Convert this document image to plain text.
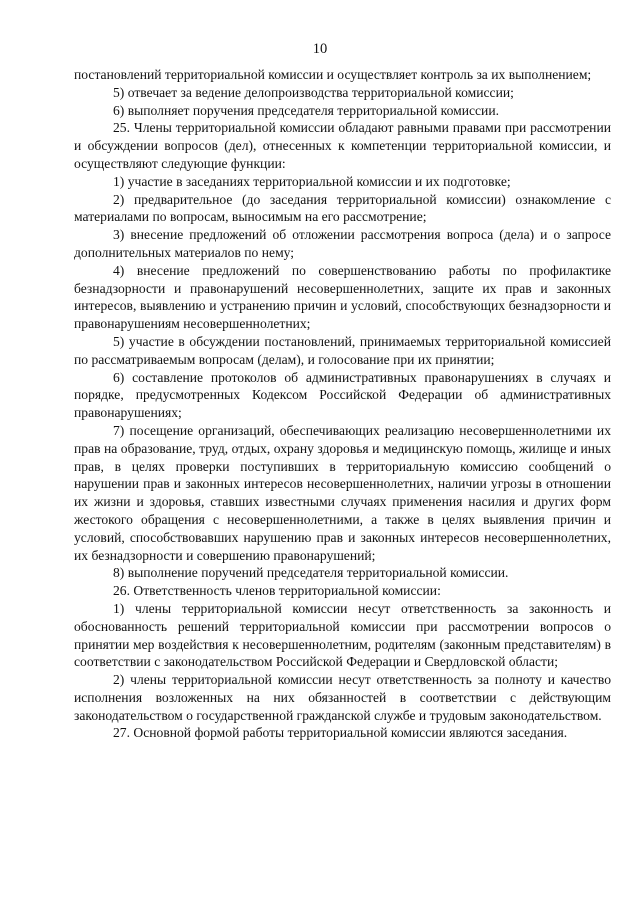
10

постановлений территориальной комиссии и осуществляет контроль за их выполнением;

5) отвечает за ведение делопроизводства территориальной комиссии;

6) выполняет поручения председателя территориальной комиссии.

25. Члены территориальной комиссии обладают равными правами при рассмотрении и обсуждении вопросов (дел), отнесенных к компетенции территориальной комиссии, и осуществляют следующие функции:

1) участие в заседаниях территориальной комиссии и их подготовке;

2) предварительное (до заседания территориальной комиссии) ознакомление с материалами по вопросам, выносимым на его рассмотрение;

3) внесение предложений об отложении рассмотрения вопроса (дела) и о запросе дополнительных материалов по нему;

4) внесение предложений по совершенствованию работы по профилактике безнадзорности и правонарушений несовершеннолетних, защите их прав и законных интересов, выявлению и устранению причин и условий, способствующих безнадзорности и правонарушениям несовершеннолетних;

5) участие в обсуждении постановлений, принимаемых территориальной комиссией по рассматриваемым вопросам (делам), и голосование при их принятии;

6) составление протоколов об административных правонарушениях в случаях и порядке, предусмотренных Кодексом Российской Федерации об административных правонарушениях;

7) посещение организаций, обеспечивающих реализацию несовершеннолетними их прав на образование, труд, отдых, охрану здоровья и медицинскую помощь, жилище и иных прав, в целях проверки поступивших в территориальную комиссию сообщений о нарушении прав и законных интересов несовершеннолетних, наличии угрозы в отношении их жизни и здоровья, ставших известными случаях применения насилия и других форм жестокого обращения с несовершеннолетними, а также в целях выявления причин и условий, способствовавших нарушению прав и законных интересов несовершеннолетних, их безнадзорности и совершению правонарушений;

8) выполнение поручений председателя территориальной комиссии.

26. Ответственность членов территориальной комиссии:

1) члены территориальной комиссии несут ответственность за законность и обоснованность решений территориальной комиссии при рассмотрении вопросов о принятии мер воздействия к несовершеннолетним, родителям (законным представителям) в соответствии с законодательством Российской Федерации и Свердловской области;

2) члены территориальной комиссии несут ответственность за полноту и качество исполнения возложенных на них обязанностей в соответствии с действующим законодательством о государственной гражданской службе и трудовым законодательством.

27. Основной формой работы территориальной комиссии являются заседания.
